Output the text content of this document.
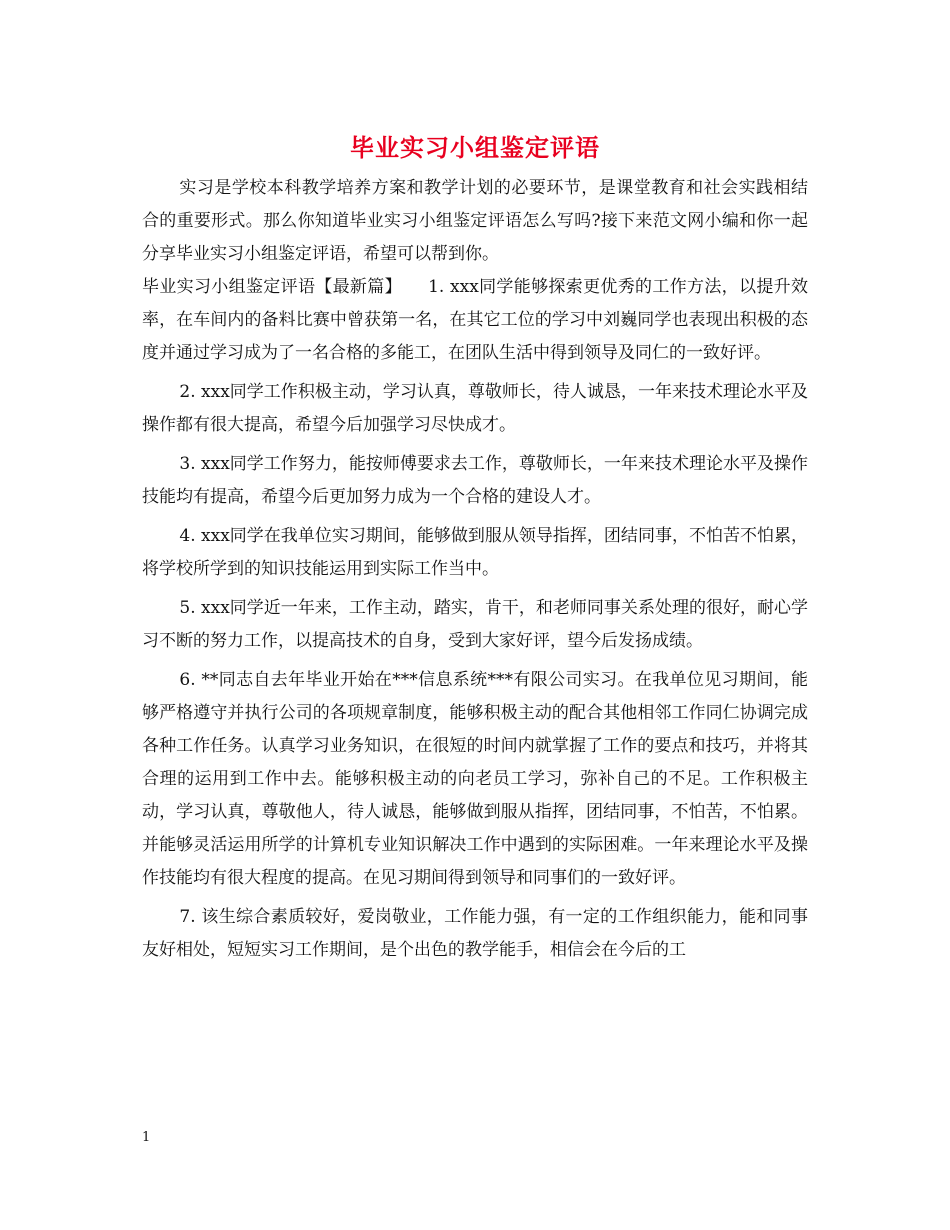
毕业实习小组鉴定评语

实习是学校本科教学培养方案和教学计划的必要环节，是课堂教育和社会实践相结合的重要形式。那么你知道毕业实习小组鉴定评语怎么写吗?接下来范文网小编和你一起分享毕业实习小组鉴定评语，希望可以帮到你。

毕业实习小组鉴定评语【最新篇】　　1. xxx同学能够探索更优秀的工作方法，以提升效率，在车间内的备料比赛中曾获第一名，在其它工位的学习中刘巍同学也表现出积极的态度并通过学习成为了一名合格的多能工，在团队生活中得到领导及同仁的一致好评。

2. xxx同学工作积极主动，学习认真，尊敬师长，待人诚恳，一年来技术理论水平及操作都有很大提高，希望今后加强学习尽快成才。

3. xxx同学工作努力，能按师傅要求去工作，尊敬师长，一年来技术理论水平及操作技能均有提高，希望今后更加努力成为一个合格的建设人才。

4. xxx同学在我单位实习期间，能够做到服从领导指挥，团结同事，不怕苦不怕累，将学校所学到的知识技能运用到实际工作当中。

5. xxx同学近一年来，工作主动，踏实，肯干，和老师同事关系处理的很好，耐心学习不断的努力工作，以提高技术的自身，受到大家好评，望今后发扬成绩。

6. **同志自去年毕业开始在***信息系统***有限公司实习。在我单位见习期间，能够严格遵守并执行公司的各项规章制度，能够积极主动的配合其他相邻工作同仁协调完成各种工作任务。认真学习业务知识，在很短的时间内就掌握了工作的要点和技巧，并将其合理的运用到工作中去。能够积极主动的向老员工学习，弥补自己的不足。工作积极主动，学习认真，尊敬他人，待人诚恳，能够做到服从指挥，团结同事，不怕苦，不怕累。并能够灵活运用所学的计算机专业知识解决工作中遇到的实际困难。一年来理论水平及操作技能均有很大程度的提高。在见习期间得到领导和同事们的一致好评。

7. 该生综合素质较好，爱岗敬业，工作能力强，有一定的工作组织能力，能和同事友好相处，短短实习工作期间，是个出色的教学能手，相信会在今后的工

1
